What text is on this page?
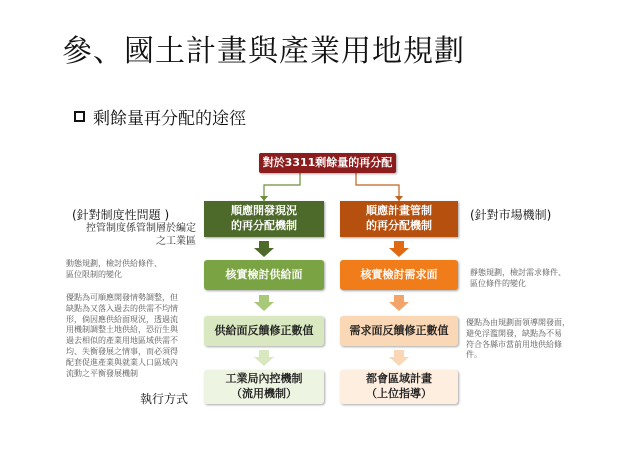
參、國土計畫與產業用地規劃
剩餘量再分配的途徑
對於3311剩餘量的再分配
順應開發現況
的再分配機制
核實檢討供給面
供給面反饋修正數值
工業局內控機制
（流用機制）
順應計畫管制
的再分配機制
核實檢討需求面
需求面反饋修正數值
都會區域計畫
（上位指導）
(針對制度性問題 )
控管制度係管制層於編定
之工業區
動態規劃，檢討供給條件、
區位限制的變化
優點為可順應開發情勢調整，但
缺點為又落入過去的供需不均情
形，倘因應供給面現況，透過流
用機制調整土地供給，恐衍生與
過去相似的產業用地區域供需不
均、失衡發展之情事，而必須得
配套促進產業與就業人口區域內
流動之平衡發展機制
執行方式
(針對市場機制)
靜態規劃，檢討需求條件、
區位條件的變化
優點為由規劃面領導開發面，
避免浮濫開發，缺點為不易
符合各縣市當前用地供給條
件。
